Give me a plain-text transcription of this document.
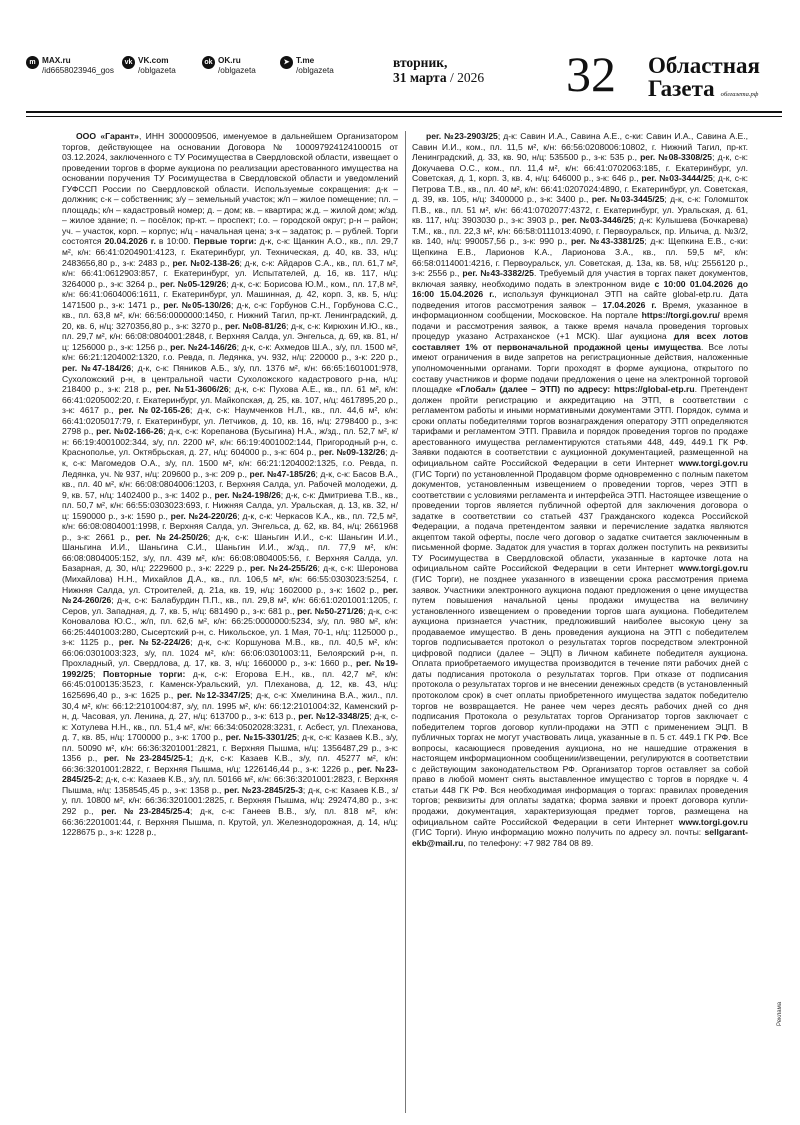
m MAX.ru
/id665802394​6_gos
vk VK.com
/oblgazeta
ok OK.ru
/oblgazeta
➤ T.me
/oblgazeta	вторник,
31 марта / 2026	32	Областная
Газета облгазета.рф

ООО «Гарант», ИНН 3000009506, именуемое в дальнейшем Организатором торгов, действующее на основании Договора № 100097924124100015 от 03.12.2024, заключенного с ТУ Росимущества в Свердловской области, извещает о проведении торгов в форме аукциона по реализации арестованного имущества на основании поручения ТУ Росимущества в Свердловской области и уведомлений ГУФССП России по Свердловской области. Используемые сокращения: д-к – должник; с-к – собственник; з/у – земельный участок; ж/п – жилое помещение; пл. – площадь; к/н – кадастровый номер; д. – дом; кв. – квартира; ж.д. – жилой дом; ж/зд. – жилое здание; п. – посёлок; пр-кт. – проспект; г.о. – городской округ; р-н – район; уч. – участок, корп. – корпус; н/ц - начальная цена; з-к – задаток; р. – рублей. Торги состоятся 20.04.2026 г. в 10:00. Первые торги: д-к, с-к: Щанкин А.О., кв., пл. 29,7 м², к/н: 66:41:0204901:4123, г. Екатеринбург, ул. Техническая, д. 40, кв. 33, н/ц: 2483656,80 р., з-к: 2483 р., рег. №02-138-26; д-к, с-к: Айдаров С.А., кв., пл. 61,7 м², к/н: 66:41:0612903:857, г. Екатеринбург, ул. Испытателей, д. 16, кв. 117, н/ц: 3264000 р., з-к: 3264 р., рег. №05-129/26; д-к, с-к: Борисова Ю.М., ком., пл. 17,8 м², к/н: 66:41:0604006:1611, г. Екатеринбург, ул. Машинная, д. 42, корп. 3, кв. 5, н/ц: 1471500 р., з-к: 1471 р., рег. №05-130/26; д-к, с-к: Горбунов С.Н., Горбунова С.С., кв., пл. 63,8 м², к/н: 66:56:0000000:1450, г. Нижний Тагил, пр-кт. Ленинградский, д. 20, кв. 6, н/ц: 3270356,80 р., з-к: 3270 р., рег. №08-81/26; д-к, с-к: Кирюхин И.Ю., кв., пл. 29,7 м², к/н: 66:08:0804001:2848, г. Верхняя Салда, ул. Энгельса, д. 69, кв. 81, н/ц: 1256000 р., з-к: 1256 р., рег. №24-146/26; д-к, с-к: Ахмедов Ш.А., з/у, пл. 1500 м², к/н: 66:21:1204002:1320, г.о. Ревда, п. Ледянка, уч. 932, н/ц: 220000 р., з-к: 220 р., рег. №47-184/26; д-к, с-к: Пяников А.Б., з/у, пл. 1376 м², к/н: 66:65:1601001:978, Сухоложский р-н, в центральной части Сухоложского кадастрового р-на, н/ц: 218400 р., з-к: 218 р., рег. №51-3606/26; д-к, с-к: Пухова А.Е., кв., пл. 61 м², к/н: 66:41:0205002:20, г. Екатеринбург, ул. Майкопская, д. 25, кв. 107, н/ц: 4617895,20 р., з-к: 4617 р., рег. №02-165-26; д-к, с-к: Наумченков Н.Л., кв., пл. 44,6 м², к/н: 66:41:0205017:79, г. Екатеринбург, ул. Летчиков, д. 10, кв. 16, н/ц: 2798400 р., з-к: 2798 р., рег. №02-166-26; д-к, с-к: Корепанова (Бусыгина) Н.А., ж/зд., пл. 52,7 м², к/н: 66:19:4001002:344, з/у, пл. 2200 м², к/н: 66:19:4001002:144, Пригородный р-н, с. Краснополье, ул. Октябрьская, д. 27, н/ц: 604000 р., з-к: 604 р., рег. №09-132/26; д-к, с-к: Магомедов О.А., з/у, пл. 1500 м², к/н: 66:21:1204002:1325, г.о. Ревда, п. Ледянка, уч. № 937, н/ц: 209600 р., з-к: 209 р., рег. №47-185/26; д-к, с-к: Басов В.А., кв., пл. 40 м², к/н: 66:08:0804006:1203, г. Верхняя Салда, ул. Рабочей молодежи, д. 9, кв. 57, н/ц: 1402400 р., з-к: 1402 р., рег. №24-198/26; д-к, с-к: Дмитриева Т.В., кв., пл. 50,7 м², к/н: 66:55:0303023:693, г. Нижняя Салда, ул. Уральская, д. 13, кв. 32, н/ц: 1590000 р., з-к: 1590 р., рег. №24-220/26; д-к, с-к: Черкасов К.А., кв., пл. 72,5 м², к/н: 66:08:0804001:1998, г. Верхняя Салда, ул. Энгельса, д. 62, кв. 84, н/ц: 2661968 р., з-к: 2661 р., рег. №24-250/26; д-к, с-к: Шаньгин И.И., с-к: Шаньгин И.И., Шаньгина И.И., Шаньгина С.И., Шаньгин И.И., ж/зд., пл. 77,9 м², к/н: 66:08:0804005:152, з/у, пл. 439 м², к/н: 66:08:0804005:56, г. Верхняя Салда, ул. Базарная, д. 30, н/ц: 2229600 р., з-к: 2229 р., рег. №24-255/26; д-к, с-к: Шеронова (Михайлова) Н.Н., Михайлов Д.А., кв., пл. 106,5 м², к/н: 66:55:0303023:5254, г. Нижняя Салда, ул. Строителей, д. 21а, кв. 19, н/ц: 1602000 р., з-к: 1602 р., рег. №24-260/26; д-к, с-к: Балабурдин П.П., кв., пл. 29,8 м², к/н: 66:61:0201001:1205, г. Серов, ул. Западная, д. 7, кв. 5, н/ц: 681490 р., з-к: 681 р., рег. №50-271/26; д-к, с-к: Коновалова Ю.С., ж/п, пл. 62,6 м², к/н: 66:25:0000000:5234, з/у, пл. 980 м², к/н: 66:25:4401003:280, Сысертский р-н, с. Никольское, ул. 1 Мая, 70-1, н/ц: 1125000 р., з-к: 1125 р., рег. №52-224/26; д-к, с-к: Коршунова М.В., кв., пл. 40,5 м², к/н: 66:06:0301003:323, з/у, пл. 1024 м², к/н: 66:06:0301003:11, Белоярский р-н, п. Прохладный, ул. Свердлова, д. 17, кв. 3, н/ц: 1660000 р., з-к: 1660 р., рег. №19-1992/25; Повторные торги: д-к, с-к: Егорова Е.Н., кв., пл. 42,7 м², к/н: 66:45:0100135:3523, г. Каменск-Уральский, ул. Плеханова, д. 12, кв. 43, н/ц: 1625696,40 р., з-к: 1625 р., рег. №12-3347/25; д-к, с-к: Хмелинина В.А., жил., пл. 30,4 м², к/н: 66:12:2101004:87, з/у, пл. 1995 м², к/н: 66:12:2101004:32, Каменский р-н, д. Часовая, ул. Ленина, д. 27, н/ц: 613700 р., з-к: 613 р., рег. №12-3348/25; д-к, с-к: Хотулева Н.Н., кв., пл. 51,4 м², к/н: 66:34:0502028:3231, г. Асбест, ул. Плеханова, д. 7, кв. 85, н/ц: 1700000 р., з-к: 1700 р., рег. №15-3301/25; д-к, с-к: Казаев К.В., з/у, пл. 50090 м², к/н: 66:36:3201001:2821, г. Верхняя Пышма, н/ц: 1356487,29 р., з-к: 1356 р., рег. №23-2845/25-1; д-к, с-к: Казаев К.В., з/у, пл. 45277 м², к/н: 66:36:3201001:2822, г. Верхняя Пышма, н/ц: 1226146,44 р., з-к: 1226 р., рег. №23-2845/25-2; д-к, с-к: Казаев К.В., з/у, пл. 50166 м², к/н: 66:36:3201001:2823, г. Верхняя Пышма, н/ц: 1358545,45 р., з-к: 1358 р., рег. №23-2845/25-3; д-к, с-к: Казаев К.В., з/у, пл. 10800 м², к/н: 66:36:3201001:2825, г. Верхняя Пышма, н/ц: 292474,80 р., з-к: 292 р., рег. №23-2845/25-4; д-к, с-к: Ганеев В.В., з/у, пл. 818 м², к/н: 66:36:2201001:44, г. Верхняя Пышма, п. Крутой, ул. Железнодорожная, д. 14, н/ц: 1228675 р., з-к: 1228 р.,

рег. №23-2903/25; д-к: Савин И.А., Савина А.Е., с-ки: Савин И.А., Савина А.Е., Савин И.И., ком., пл. 11,5 м², к/н: 66:56:0208006:10802, г. Нижний Тагил, пр-кт. Ленинградский, д. 33, кв. 90, н/ц: 535500 р., з-к: 535 р., рег. №08-3308/25; д-к, с-к: Докучаева О.С., ком., пл. 11,4 м², к/н: 66:41:0702063:185, г. Екатеринбург, ул. Советская, д. 1, корп. 3, кв. 4, н/ц: 646000 р., з-к: 646 р., рег. №03-3444/25; д-к, с-к: Петрова Т.В., кв., пл. 40 м², к/н: 66:41:0207024:4890, г. Екатеринбург, ул. Советская, д. 39, кв. 105, н/ц: 3400000 р., з-к: 3400 р., рег. №03-3445/25; д-к, с-к: Голомшток П.В., кв., пл. 51 м², к/н: 66:41:0702077:4372, г. Екатеринбург, ул. Уральская, д. 61, кв. 117, н/ц: 3903030 р., з-к: 3903 р., рег. №03-3446/25; д-к: Кулышева (Бочкарева) Т.М., кв., пл. 22,3 м², к/н: 66:58:0111013:4090, г. Первоуральск, пр. Ильича, д. №3/2, кв. 140, н/ц: 990057,56 р., з-к: 990 р., рег. №43-3381/25; д-к: Щепкина Е.В., с-ки: Щепкина Е.В., Ларионов К.А., Ларионова З.А., кв., пл. 59,5 м², к/н: 66:58:0114001:4216, г. Первоуральск, ул. Советская, д. 13а, кв. 58, н/ц: 2556120 р., з-к: 2556 р., рег. №43-3382/25. Требуемый для участия в торгах пакет документов, включая заявку, необходимо подать в электронном виде с 10:00 01.04.2026 до 16:00 15.04.2026 г., используя функционал ЭТП на сайте global-etp.ru. Дата подведения итогов рассмотрения заявок – 17.04.2026 г. Время, указанное в информационном сообщении, Московское. На портале https://torgi.gov.ru/ время подачи и рассмотрения заявок, а также время начала проведения торговых процедур указано Астраханское (+1 МСК). Шаг аукциона для всех лотов составляет 1% от первоначальной продажной цены имущества. Все лоты имеют ограничения в виде запретов на регистрационные действия, наложенные уполномоченными органами. Торги проходят в форме аукциона, открытого по составу участников и форме подачи предложения о цене на электронной торговой площадке «Глобал» (далее – ЭТП) по адресу: https://global-etp.ru. Претендент должен пройти регистрацию и аккредитацию на ЭТП, в соответствии с регламентом работы и иными нормативными документами ЭТП. Порядок, сумма и сроки оплаты победителями торгов вознаграждения оператору ЭТП определяются тарифами и регламентом ЭТП. Правила и порядок проведения торгов по продаже арестованного имущества регламентируются статьями 448, 449, 449.1 ГК РФ. Заявки подаются в соответствии с аукционной документацией, размещенной на официальном сайте Российской Федерации в сети Интернет www.torgi.gov.ru (ГИС Торги) по установленной Продавцом форме одновременно с полным пакетом документов, установленным извещением о проведении торгов, через ЭТП в соответствии с условиями регламента и интерфейса ЭТП. Настоящее извещение о проведении торгов является публичной офертой для заключения договора о задатке в соответствии со статьей 437 Гражданского кодекса Российской Федерации, а подача претендентом заявки и перечисление задатка являются акцептом такой оферты, после чего договор о задатке считается заключенным в письменной форме. Задаток для участия в торгах должен поступить на реквизиты ТУ Росимущества в Свердловской области, указанные в карточке лота на официальном сайте Российской Федерации в сети Интернет www.torgi.gov.ru (ГИС Торги), не позднее указанного в извещении срока рассмотрения приема заявок. Участники электронного аукциона подают предложения о цене имущества путем повышения начальной цены продажи имущества на величину установленного извещением о проведении торгов шага аукциона. Победителем аукциона признается участник, предложивший наиболее высокую цену за продаваемое имущество. В день проведения аукциона на ЭТП с победителем торгов подписывается протокол о результатах торгов посредством электронной цифровой подписи (далее – ЭЦП) в Личном кабинете победителя аукциона. Оплата приобретаемого имущества производится в течение пяти рабочих дней с даты подписания протокола о результатах торгов. При отказе от подписания протокола о результатах торгов и не внесении денежных средств (в установленный протоколом срок) в счет оплаты приобретенного имущества задаток победителю торгов не возвращается. Не ранее чем через десять рабочих дней со дня подписания Протокола о результатах торгов Организатор торгов заключает с победителем торгов договор купли-продажи на ЭТП с применением ЭЦП. В публичных торгах не могут участвовать лица, указанные в п. 5 ст. 449.1 ГК РФ. Все вопросы, касающиеся проведения аукциона, но не нашедшие отражения в настоящем информационном сообщении/извещении, регулируются в соответствии с действующим законодательством РФ. Организатор торгов оставляет за собой право в любой момент снять выставленное имущество с торгов в порядке ч. 4 статьи 448 ГК РФ. Вся необходимая информация о торгах: правилах проведения торгов; реквизиты для оплаты задатка; форма заявки и проект договора купли-продажи, документация, характеризующая предмет торгов, размещена на официальном сайте Российской Федерации в сети Интернет www.torgi.gov.ru (ГИС Торги). Иную информацию можно получить по адресу эл. почты: sellgarant-ekb@mail.ru, по телефону: +7 982 784 08 89.

Реклама
